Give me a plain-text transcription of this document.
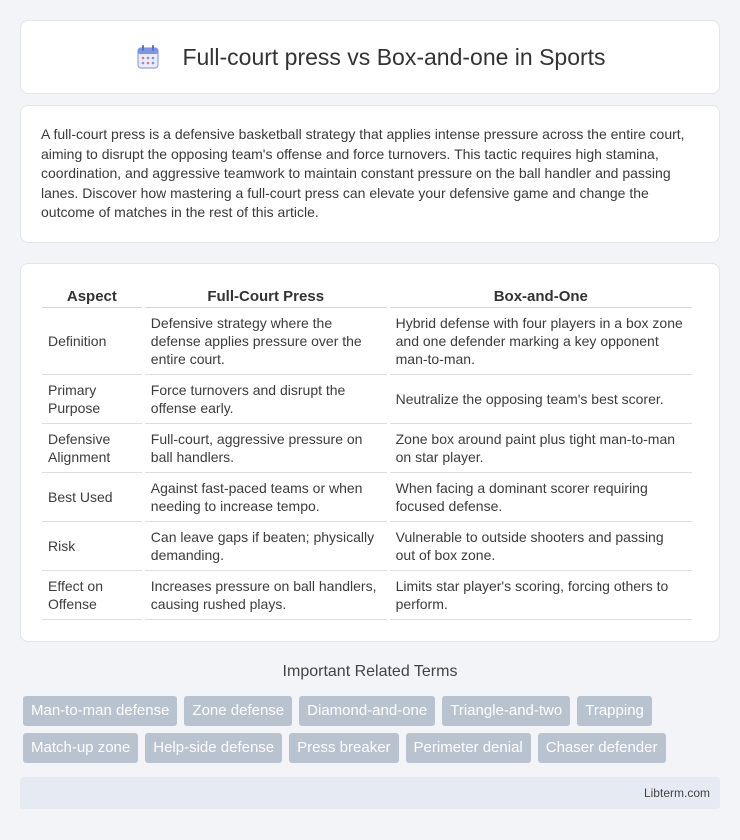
Full-court press vs Box-and-one in Sports

A full-court press is a defensive basketball strategy that applies intense pressure across the entire court, aiming to disrupt the opposing team's offense and force turnovers. This tactic requires high stamina, coordination, and aggressive teamwork to maintain constant pressure on the ball handler and passing lanes. Discover how mastering a full-court press can elevate your defensive game and change the outcome of matches in the rest of this article.

Aspect	Full-Court Press	Box-and-One
Definition	Defensive strategy where the defense applies pressure over the entire court.	Hybrid defense with four players in a box zone and one defender marking a key opponent man-to-man.
Primary Purpose	Force turnovers and disrupt the offense early.	Neutralize the opposing team's best scorer.
Defensive Alignment	Full-court, aggressive pressure on ball handlers.	Zone box around paint plus tight man-to-man on star player.
Best Used	Against fast-paced teams or when needing to increase tempo.	When facing a dominant scorer requiring focused defense.
Risk	Can leave gaps if beaten; physically demanding.	Vulnerable to outside shooters and passing out of box zone.
Effect on Offense	Increases pressure on ball handlers, causing rushed plays.	Limits star player's scoring, forcing others to perform.
Important Related Terms
Man-to-man defense	Zone defense	Diamond-and-one	Triangle-and-two	Trapping
Match-up zone	Help-side defense	Press breaker	Perimeter denial	Chaser defender
Libterm.com
